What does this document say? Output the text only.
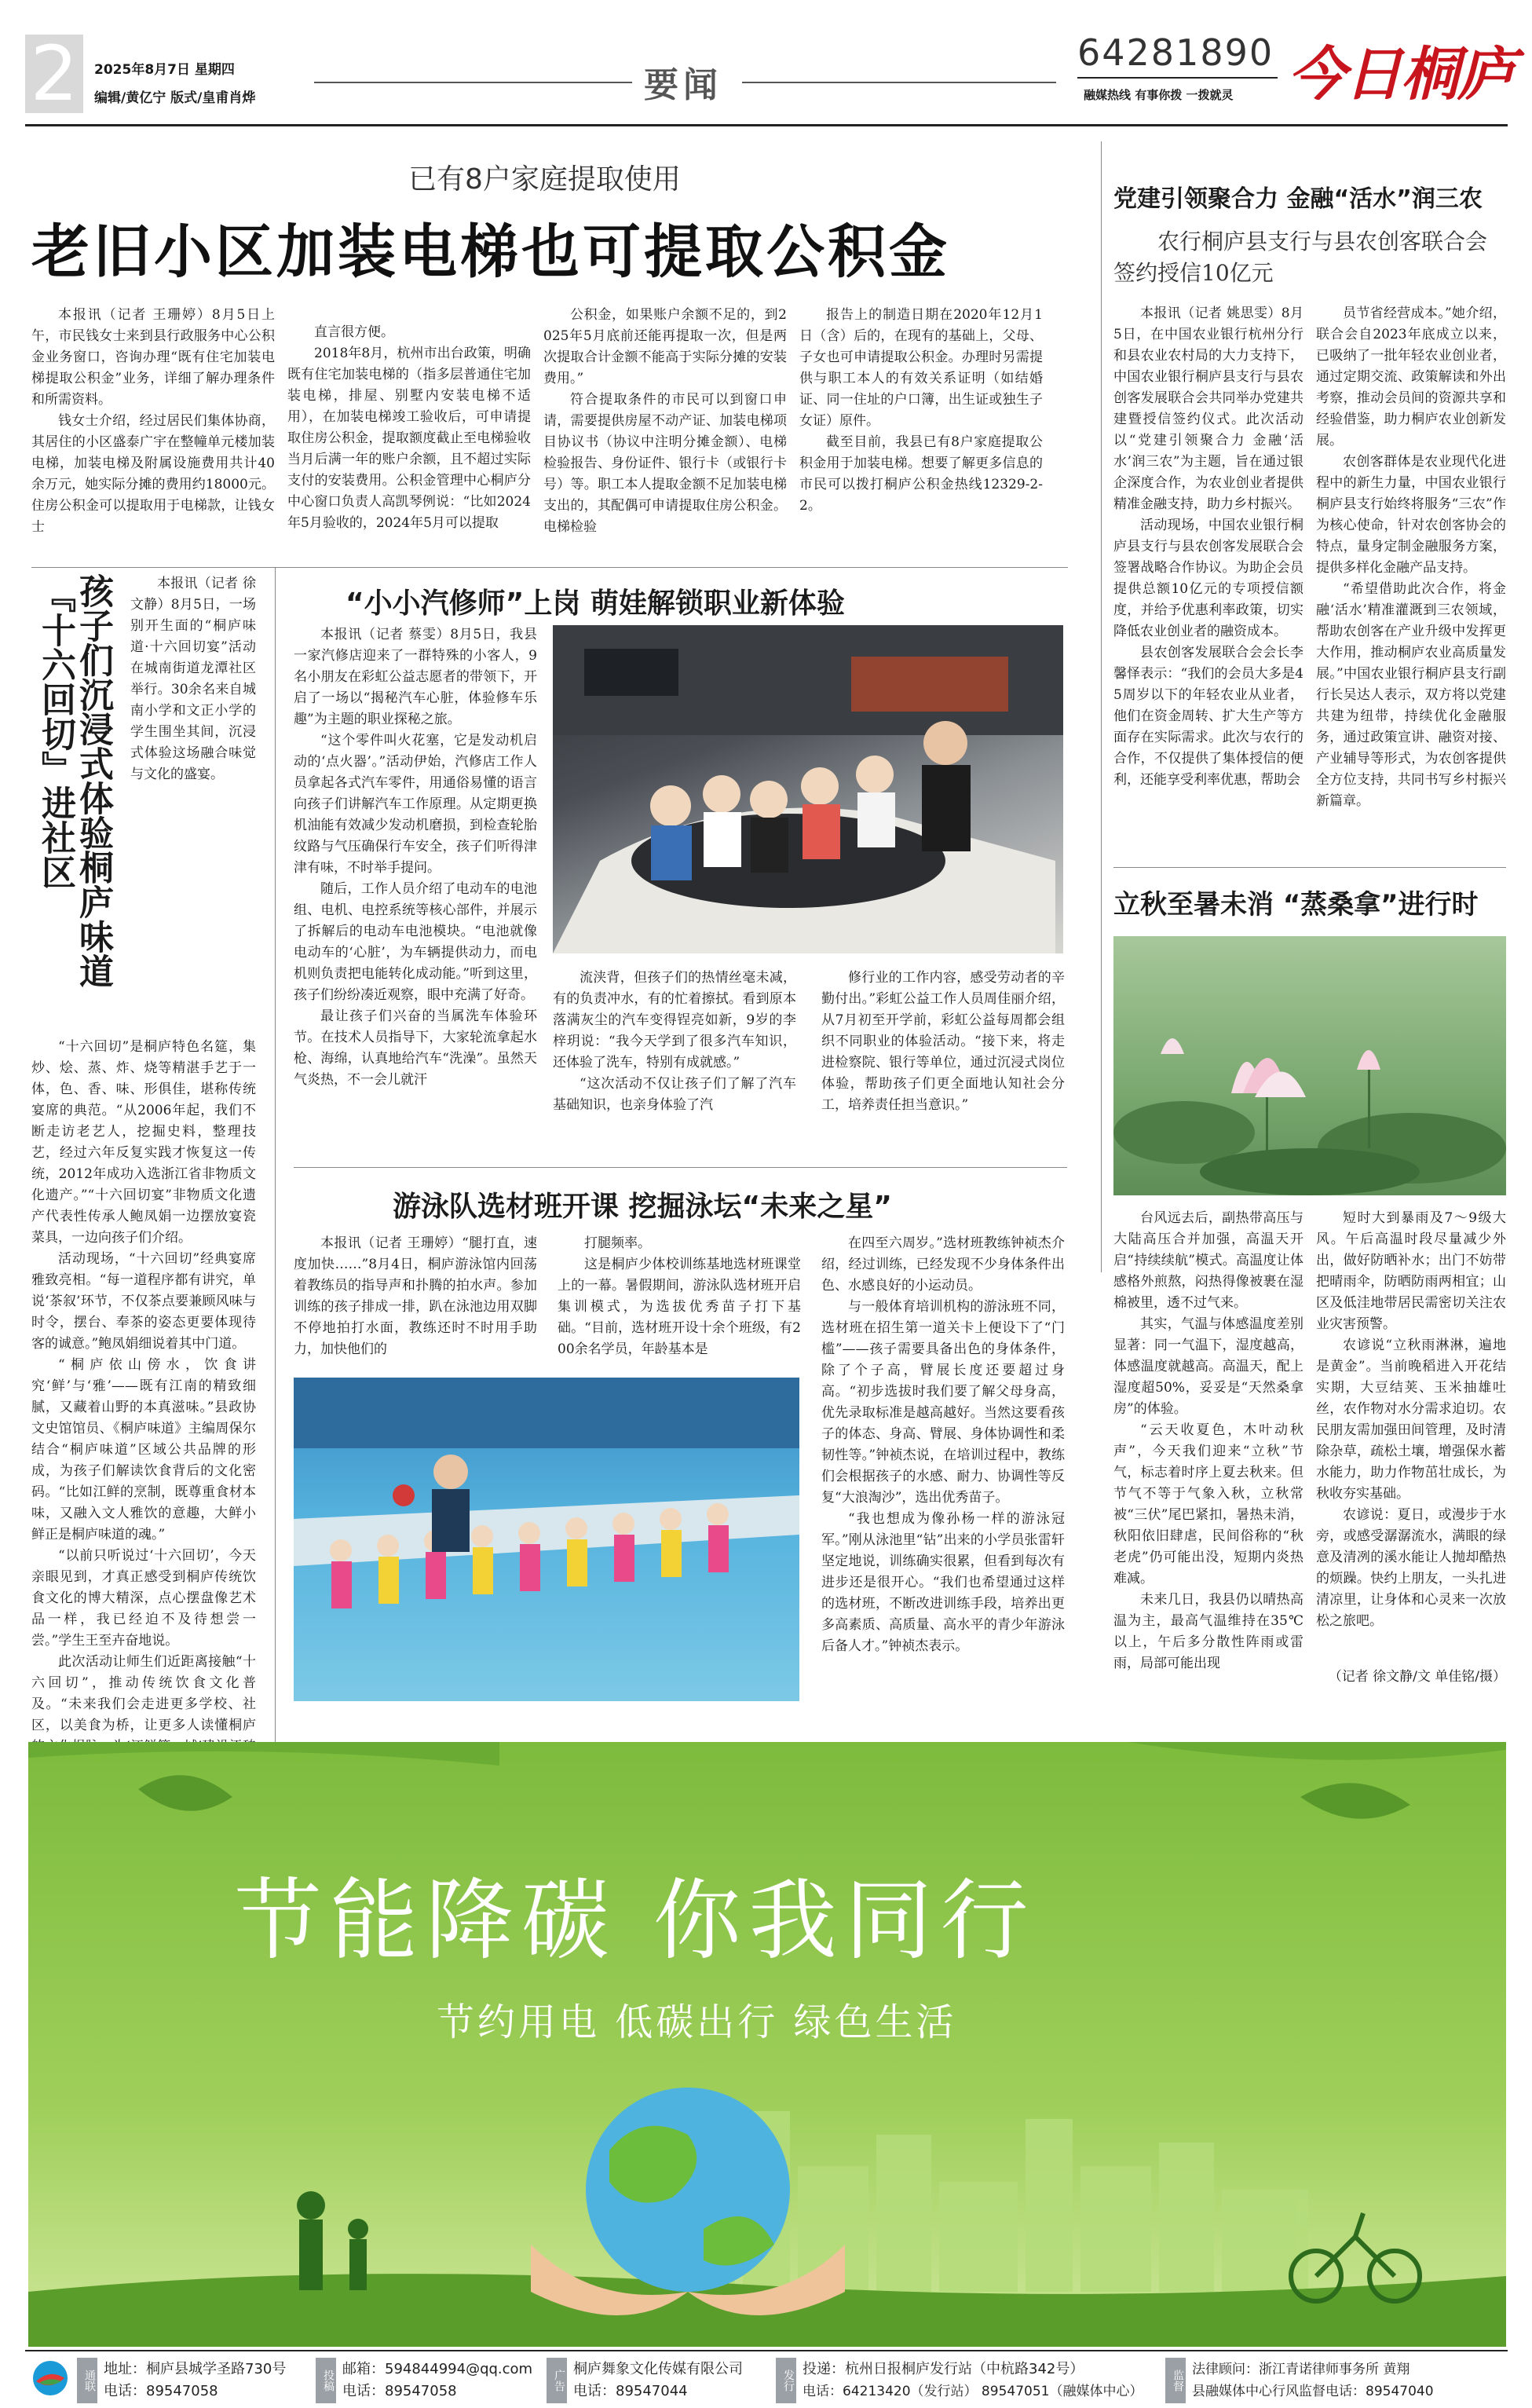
2	2025年8月7日 星期四
编辑/黄亿宁 版式/皇甫肖烨	要闻
64281890
融媒热线 有事你拨 一拨就灵 今日桐庐
已有8户家庭提取使用
老旧小区加装电梯也可提取公积金

本报讯（记者 王珊婷）8月5日上午，市民钱女士来到县行政服务中心公积金业务窗口，咨询办理“既有住宅加装电梯提取公积金”业务，详细了解办理条件和所需资料。

钱女士介绍，经过居民们集体协商，其居住的小区盛泰广宇在整幢单元楼加装电梯，加装电梯及附属设施费用共计40余万元，她实际分摊的费用约18000元。住房公积金可以提取用于电梯款，让钱女士

直言很方便。

2018年8月，杭州市出台政策，明确既有住宅加装电梯的（指多层普通住宅加装电梯，排屋、别墅内安装电梯不适用），在加装电梯竣工验收后，可申请提取住房公积金，提取额度截止至电梯验收当月后满一年的账户余额，且不超过实际支付的安装费用。公积金管理中心桐庐分中心窗口负责人高凯琴例说：“比如2024年5月验收的，2024年5月可以提取

公积金，如果账户余额不足的，到2025年5月底前还能再提取一次，但是两次提取合计金额不能高于实际分摊的安装费用。”

符合提取条件的市民可以到窗口申请，需要提供房屋不动产证、加装电梯项目协议书（协议中注明分摊金额）、电梯检验报告、身份证件、银行卡（或银行卡号）等。职工本人提取金额不足加装电梯支出的，其配偶可申请提取住房公积金。电梯检验

报告上的制造日期在2020年12月1日（含）后的，在现有的基础上，父母、子女也可申请提取公积金。办理时另需提供与职工本人的有效关系证明（如结婚证、同一住址的户口簿，出生证或独生子女证）原件。

截至目前，我县已有8户家庭提取公积金用于加装电梯。想要了解更多信息的市民可以拨打桐庐公积金热线12329-2-2。

『十六回切』进社区
孩子们沉浸式体验桐庐味道	本报讯（记者 徐文静）8月5日，一场别开生面的“桐庐味道·十六回切宴”活动在城南街道龙潭社区举行。30余名来自城南小学和文正小学的学生围坐其间，沉浸式体验这场融合味觉与文化的盛宴。

“十六回切”是桐庐特色名筵，集炒、烩、蒸、炸、烧等精湛手艺于一体，色、香、味、形俱佳，堪称传统宴席的典范。“从2006年起，我们不断走访老艺人，挖掘史料，整理技艺，经过六年反复实践才恢复这一传统，2012年成功入选浙江省非物质文化遗产。”“十六回切宴”非物质文化遗产代表性传承人鲍凤娟一边摆放宴瓷菜具，一边向孩子们介绍。

活动现场，“十六回切”经典宴席雅致亮相。“每一道程序都有讲究，单说‘茶叙’环节，不仅茶点要兼顾风味与时令，摆台、奉茶的姿态更要体现待客的诚意。”鲍凤娟细说着其中门道。

“桐庐依山傍水，饮食讲究‘鲜’与‘雅’——既有江南的精致细腻，又藏着山野的本真滋味。”县政协文史馆馆员、《桐庐味道》主编周保尔结合“桐庐味道”区域公共品牌的形成，为孩子们解读饮食背后的文化密码。“比如江鲜的烹制，既尊重食材本味，又融入文人雅饮的意趣，大鲜小鲜正是桐庐味道的魂。”

“以前只听说过‘十六回切’，今天亲眼见到，才真正感受到桐庐传统饮食文化的博大精深，点心摆盘像艺术品一样，我已经迫不及待想尝一尝。”学生王至卉奋地说。

此次活动让师生们近距离接触“十六回切”，推动传统饮食文化普及。“未来我们会走进更多学校、社区，以美食为桥，让更多人读懂桐庐

“小小汽修师”上岗 萌娃解锁职业新体验

本报讯（记者 蔡雯）8月5日，我县一家汽修店迎来了一群特殊的小客人，9名小朋友在彩虹公益志愿者的带领下，开启了一场以“揭秘汽车心脏，体验修车乐趣”为主题的职业探秘之旅。

“这个零件叫火花塞，它是发动机启动的‘点火器’。”活动伊始，汽修店工作人员拿起各式汽车零件，用通俗易懂的语言向孩子们讲解汽车工作原理。从定期更换机油能有效减少发动机磨损，到检查轮胎纹路与气压确保行车安全，孩子们听得津津有味，不时举手提问。

随后，工作人员介绍了电动车的电池组、电机、电控系统等核心部件，并展示了拆解后的电动车电池模块。“电池就像电动车的‘心脏’，为车辆提供动力，而电机则负责把电能转化成动能。”听到这里，孩子们纷纷凑近观察，眼中充满了好奇。

最让孩子们兴奋的当属洗车体验环节。在技术人员指导下，大家轮流拿起水枪、海绵，认真地给汽车“洗澡”。虽然天气炎热，不一会儿就汗

流浃背，但孩子们的热情丝毫未减，有的负责冲水，有的忙着擦拭。看到原本落满灰尘的汽车变得锃亮如新，9岁的李梓玥说：“我今天学到了很多汽车知识，还体验了洗车，特别有成就感。”

“这次活动不仅让孩子们了解了汽车基础知识，也亲身体验了汽

修行业的工作内容，感受劳动者的辛勤付出。”彩虹公益工作人员周佳丽介绍，从7月初至开学前，彩虹公益每周都会组织不同职业的体验活动。“接下来，将走进检察院、银行等单位，通过沉浸式岗位体验，帮助孩子们更全面地认知社会分工，培养责任担当意识。”

游泳队选材班开课 挖掘泳坛“未来之星”

本报讯（记者 王珊婷）“腿打直，速度加快……”8月4日，桐庐游泳馆内回荡着教练员的指导声和扑腾的拍水声。参加训练的孩子排成一排，趴在泳池边用双脚不停地拍打水面，教练还时不时用手助力，加快他们的

打腿频率。

这是桐庐少体校训练基地选材班课堂上的一幕。暑假期间，游泳队选材班开启集训模式，为选拔优秀苗子打下基础。“目前，选材班开设十余个班级，有200余名学员，年龄基本是

在四至六周岁。”选材班教练钟祯杰介绍，经过训练，已经发现不少身体条件出色、水感良好的小运动员。

与一般体育培训机构的游泳班不同，选材班在招生第一道关卡上便设下了“门槛”——孩子需要具备出色的身体条件，除了个子高，臂展长度还要超过身高。“初步选拔时我们要了解父母身高，优先录取标准是越高越好。当然这要看孩子的体态、身高、臂展、身体协调性和柔韧性等。”钟祯杰说，在培训过程中，教练们会根据孩子的水感、耐力、协调性等反复“大浪淘沙”，选出优秀苗子。

“我也想成为像孙杨一样的游泳冠军。”刚从泳池里“钻”出来的小学员张雷轩坚定地说，训练确实很累，但看到每次有进步还是很开心。“我们也希望通过这样的选材班，不断改进训练手段，培养出更多高素质、高质量、高水平的青少年游泳后备人才。”钟祯杰表示。

党建引领聚合力 金融“活水”润三农
农行桐庐县支行与县农创客联合会签约授信10亿元

本报讯（记者 姚思雯）8月5日，在中国农业银行杭州分行和县农业农村局的大力支持下，中国农业银行桐庐县支行与县农创客发展联合会共同举办党建共建暨授信签约仪式。此次活动以“党建引领聚合力 金融‘活水’润三农”为主题，旨在通过银企深度合作，为农业创业者提供精准金融支持，助力乡村振兴。

活动现场，中国农业银行桐庐县支行与县农创客发展联合会签署战略合作协议。为助企会员提供总额10亿元的专项授信额度，并给予优惠利率政策，切实降低农业创业者的融资成本。

县农创客发展联合会会长李馨怿表示：“我们的会员大多是45周岁以下的年轻农业从业者，他们在资金周转、扩大生产等方面存在实际需求。此次与农行的合作，不仅提供了集体授信的便利，还能享受利率优惠，帮助会

员节省经营成本。”她介绍，联合会自2023年底成立以来，已吸纳了一批年轻农业创业者，通过定期交流、政策解读和外出考察，推动会员间的资源共享和经验借鉴，助力桐庐农业创新发展。

农创客群体是农业现代化进程中的新生力量，中国农业银行桐庐县支行始终将服务“三农”作为核心使命，针对农创客协会的特点，量身定制金融服务方案，提供多样化金融产品支持。

“希望借助此次合作，将金融‘活水’精准灌溉到三农领域，帮助农创客在产业升级中发挥更大作用，推动桐庐农业高质量发展。”中国农业银行桐庐县支行副行长吴达人表示，双方将以党建共建为纽带，持续优化金融服务，通过政策宣讲、融资对接、产业辅导等形式，为农创客提供全方位支持，共同书写乡村振兴新篇章。

立秋至暑未消 “蒸桑拿”进行时

台风远去后，副热带高压与大陆高压合并加强，高温天开启“持续续航”模式。高温度让体感格外煎熬，闷热得像被裹在湿棉被里，透不过气来。

其实，气温与体感温度差别显著：同一气温下，湿度越高，体感温度就越高。高温天，配上湿度超50%，妥妥是“天然桑拿房”的体验。

“云天收夏色，木叶动秋声”，今天我们迎来“立秋”节气，标志着时序上夏去秋来。但节气不等于气象入秋，立秋常被“三伏”尾巴紧扣，暑热未消，秋阳依旧肆虐，民间俗称的“秋老虎”仍可能出没，短期内炎热难减。

未来几日，我县仍以晴热高温为主，最高气温维持在35℃以上，午后多分散性阵雨或雷雨，局部可能出现

短时大到暴雨及7～9级大风。午后高温时段尽量减少外出，做好防晒补水；出门不妨带把晴雨伞，防晒防雨两相宜；山区及低洼地带居民需密切关注农业灾害预警。

农谚说“立秋雨淋淋，遍地是黄金”。当前晚稻进入开花结实期，大豆结荚、玉米抽雄吐丝，农作物对水分需求迫切。农民朋友需加强田间管理，及时清除杂草，疏松土壤，增强保水蓄水能力，助力作物茁壮成长，为秋收夯实基础。

农谚说：夏日，或漫步于水旁，或感受潺潺流水，满眼的绿意及清冽的溪水能让人抛却酷热的烦躁。快约上朋友，一头扎进清凉里，让身体和心灵来一次放松之旅吧。

（记者 徐文静/文 单佳铭/摄）
节能降碳 你我同行
节约用电 低碳出行 绿色生活
通联
地址：桐庐县城学圣路730号
电话：89547058	投稿
邮箱：594844994@qq.com
电话：89547058	广告
桐庐舞象文化传媒有限公司
电话：89547044	发行
投递：杭州日报桐庐发行站（中杭路342号）
电话：64213420（发行站） 89547051（融媒体中心）	监督 法律顾问：浙江青诺律师事务所 黄翔
县融媒体中心行风监督电话：89547040
